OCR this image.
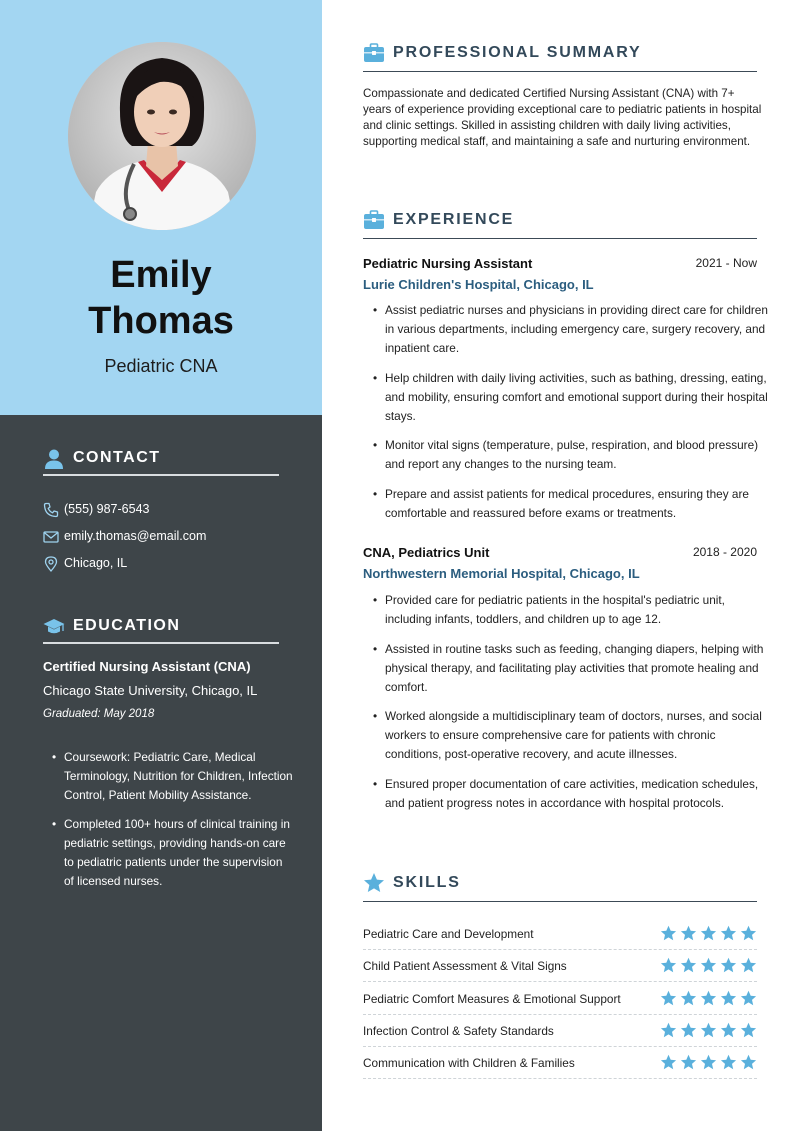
Emily
Thomas
Pediatric CNA
CONTACT
(555) 987-6543
emily.thomas@email.com
Chicago, IL
EDUCATION
Certified Nursing Assistant (CNA)
Chicago State University, Chicago, IL
Graduated: May 2018
• Coursework: Pediatric Care, Medical Terminology, Nutrition for Children, Infection Control, Patient Mobility Assistance.
• Completed 100+ hours of clinical training in pediatric settings, providing hands-on care to pediatric patients under the supervision of licensed nurses.
PROFESSIONAL SUMMARY

Compassionate and dedicated Certified Nursing Assistant (CNA) with 7+ years of experience providing exceptional care to pediatric patients in hospital and clinic settings. Skilled in assisting children with daily living activities, supporting medical staff, and maintaining a safe and nurturing environment.

EXPERIENCE
Pediatric Nursing Assistant	2021 - Now
Lurie Children's Hospital, Chicago, IL
• Assist pediatric nurses and physicians in providing direct care for children in various departments, including emergency care, surgery recovery, and inpatient care.
• Help children with daily living activities, such as bathing, dressing, eating, and mobility, ensuring comfort and emotional support during their hospital stays.
• Monitor vital signs (temperature, pulse, respiration, and blood pressure) and report any changes to the nursing team.
• Prepare and assist patients for medical procedures, ensuring they are comfortable and reassured before exams or treatments.
CNA, Pediatrics Unit	2018 - 2020
Northwestern Memorial Hospital, Chicago, IL
• Provided care for pediatric patients in the hospital's pediatric unit, including infants, toddlers, and children up to age 12.
• Assisted in routine tasks such as feeding, changing diapers, helping with physical therapy, and facilitating play activities that promote healing and comfort.
• Worked alongside a multidisciplinary team of doctors, nurses, and social workers to ensure comprehensive care for patients with chronic conditions, post-operative recovery, and acute illnesses.
• Ensured proper documentation of care activities, medication schedules, and patient progress notes in accordance with hospital protocols.
SKILLS
Pediatric Care and Development
Child Patient Assessment & Vital Signs
Pediatric Comfort Measures & Emotional Support
Infection Control & Safety Standards
Communication with Children & Families
